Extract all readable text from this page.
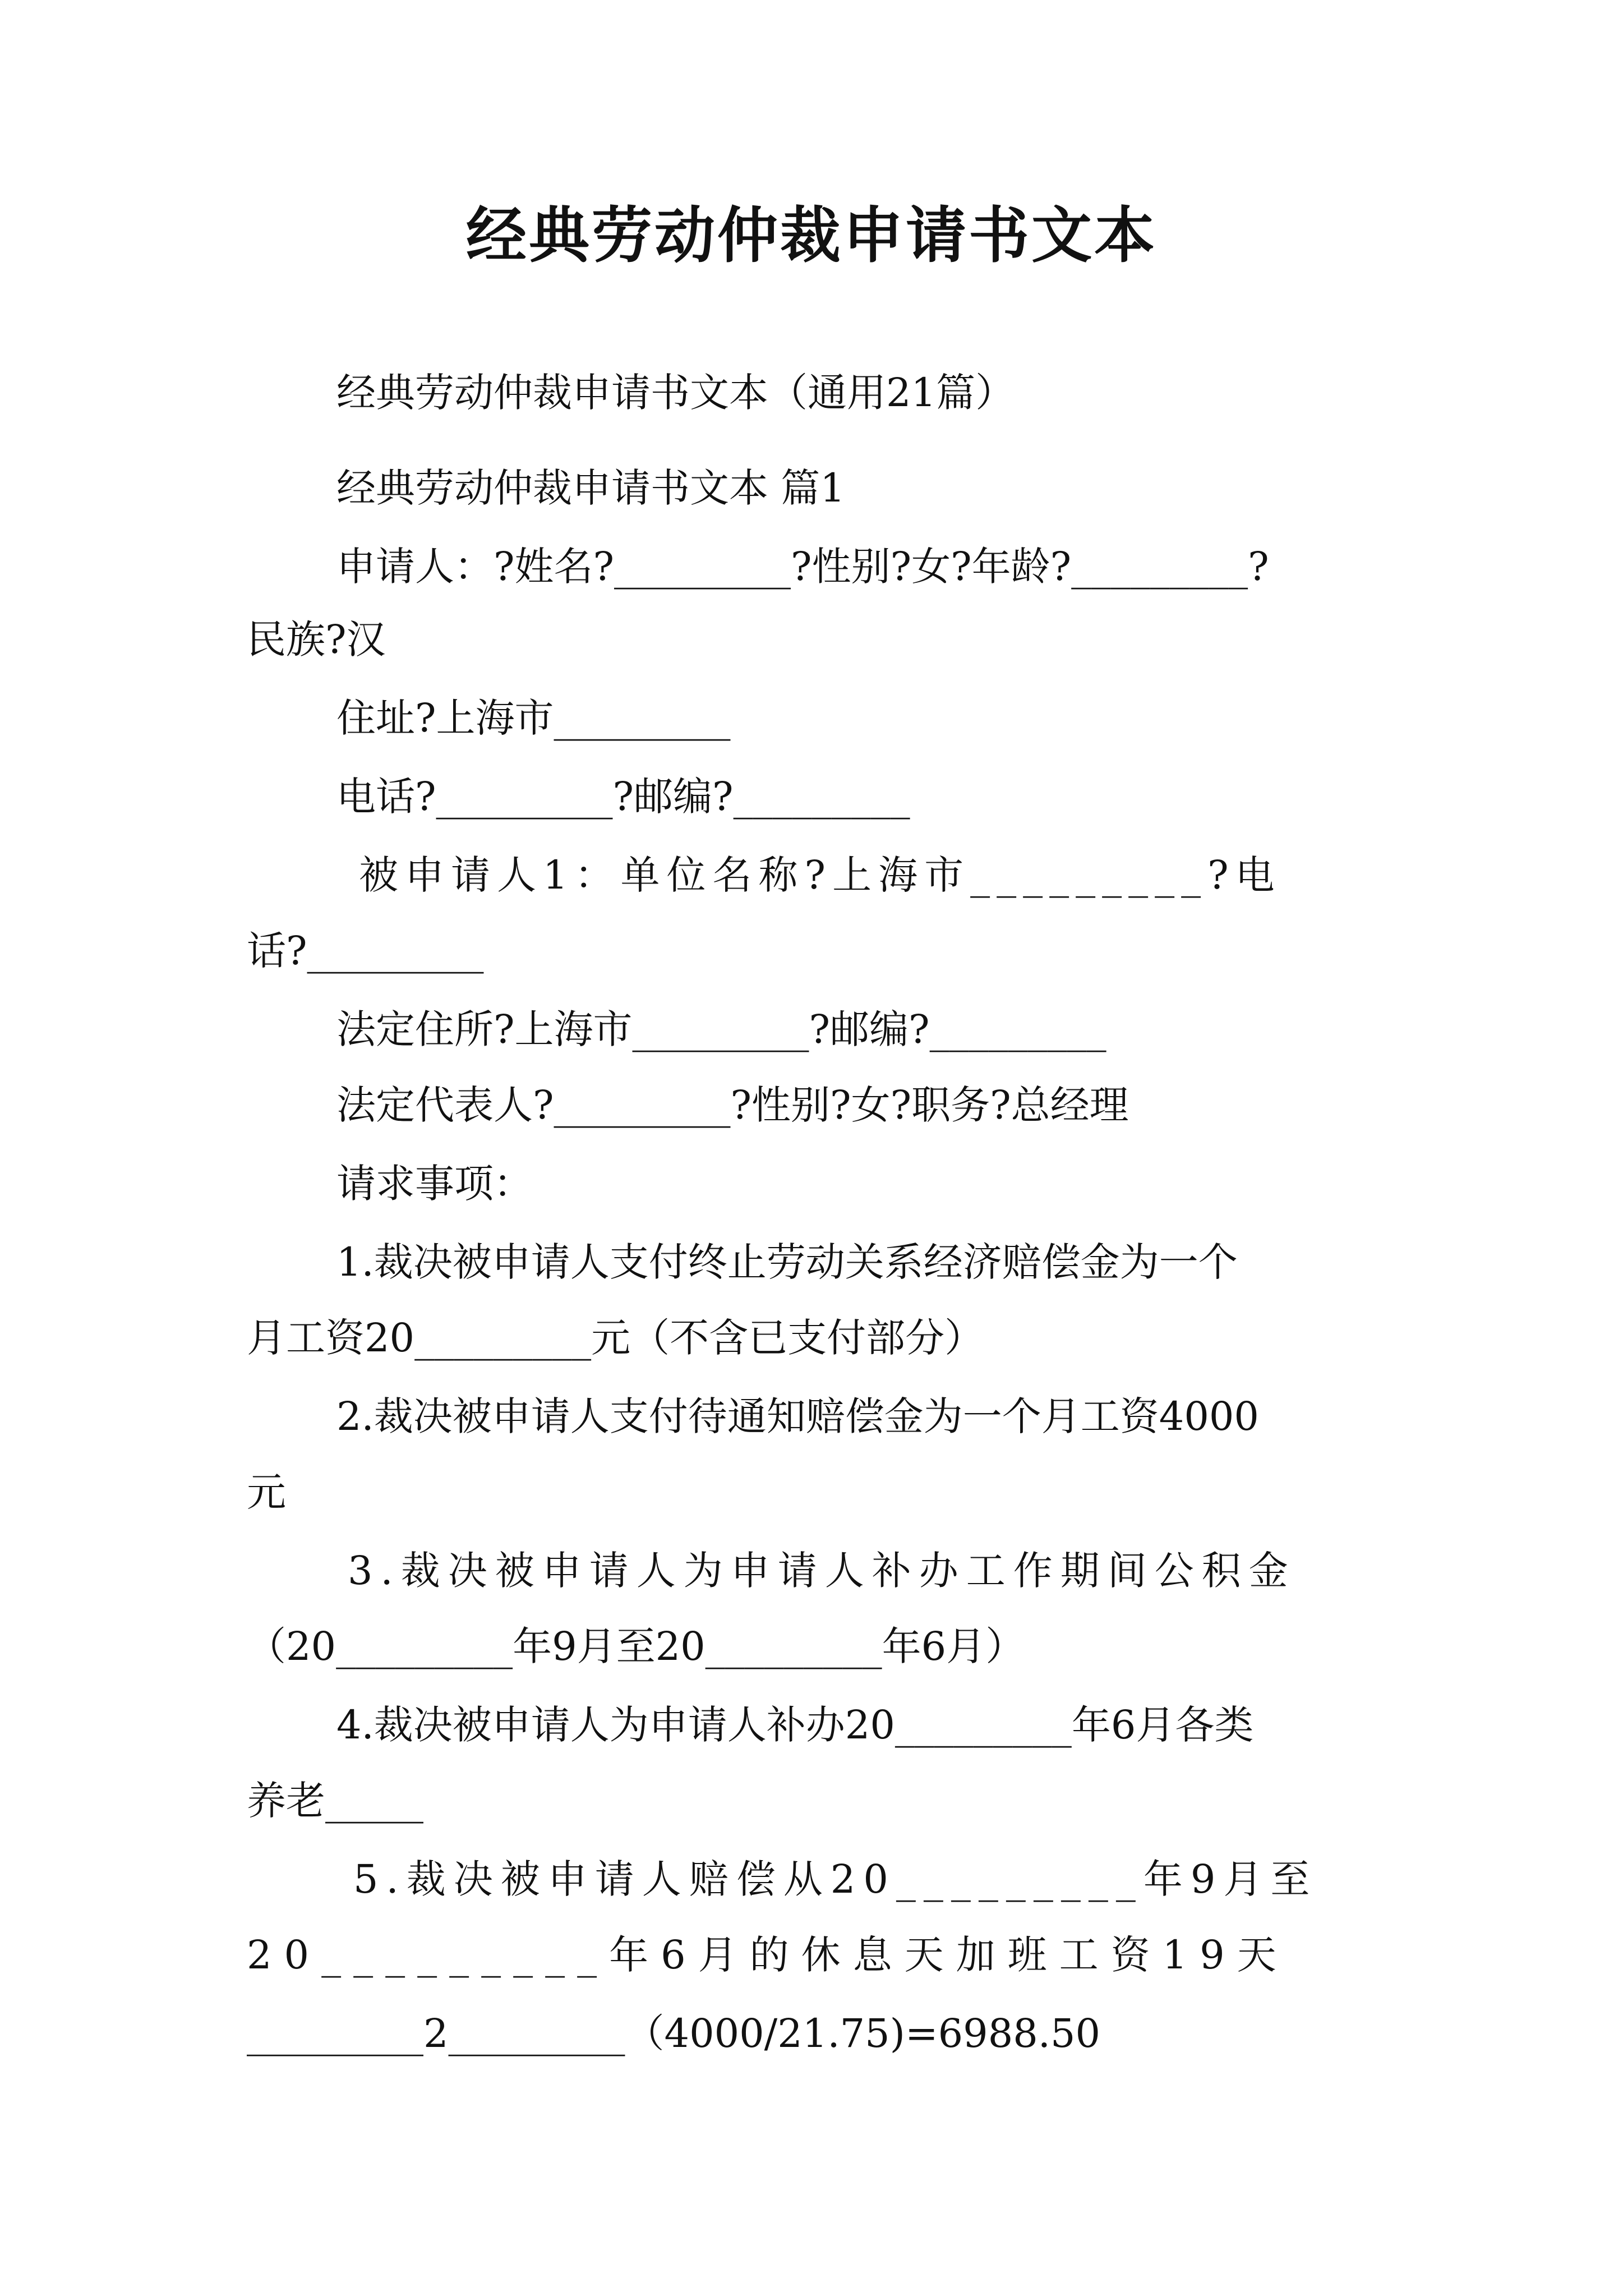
经典劳动仲裁申请书文本

经典劳动仲裁申请书文本（通用21篇）

经典劳动仲裁申请书文本 篇1

申请人：?姓名?_________?性别?女?年龄?_________?

民族?汉

住址?上海市_________

电话?_________?邮编?_________

被申请人1：单位名称?上海市_________?电

话?_________

法定住所?上海市_________?邮编?_________

法定代表人?_________?性别?女?职务?总经理

请求事项：

1.裁决被申请人支付终止劳动关系经济赔偿金为一个

月工资20_________元（不含已支付部分）

2.裁决被申请人支付待通知赔偿金为一个月工资4000

元

3.裁决被申请人为申请人补办工作期间公积金

（20_________年9月至20_________年6月）

4.裁决被申请人为申请人补办20_________年6月各类

养老_____

5.裁决被申请人赔偿从20_________年9月至

20_________年6月的休息天加班工资19天

_________2_________（4000/21.75)=6988.50
